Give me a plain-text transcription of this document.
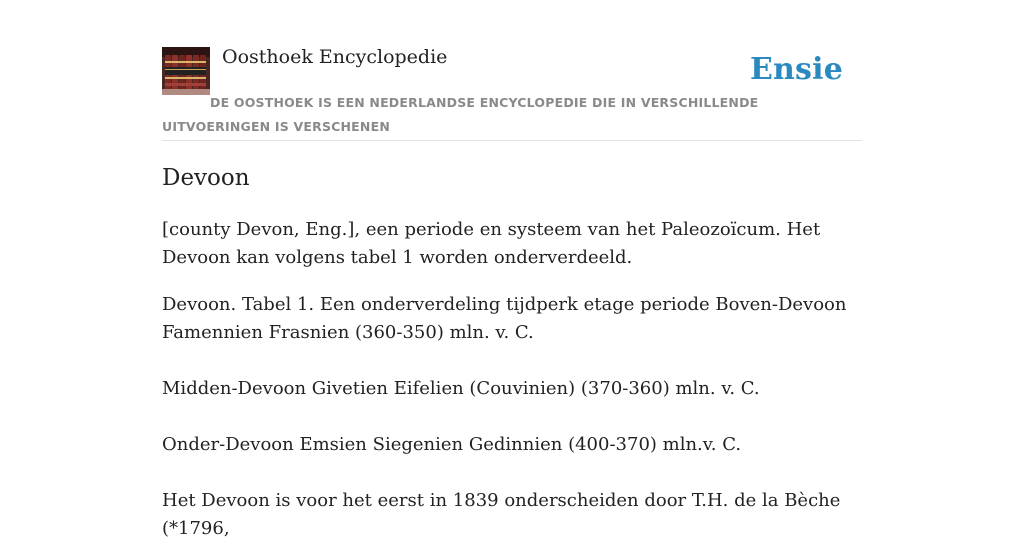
Oosthoek Encyclopedie	Ensie
DE OOSTHOEK IS EEN NEDERLANDSE ENCYCLOPEDIE DIE IN VERSCHILLENDE UITVOERINGEN IS VERSCHENEN
Devoon

[county Devon, Eng.], een periode en systeem van het Paleozoïcum. Het Devoon kan volgens tabel 1 worden onderverdeeld.

Devoon. Tabel 1. Een onderverdeling tijdperk etage periode Boven-Devoon Famennien Frasnien (360-350) mln. v. C.

Midden-Devoon Givetien Eifelien (Couvinien) (370-360) mln. v. C.

Onder-Devoon Emsien Siegenien Gedinnien (400-370) mln.v. C.

Het Devoon is voor het eerst in 1839 onderscheiden door T.H. de la Bèche (*1796,
